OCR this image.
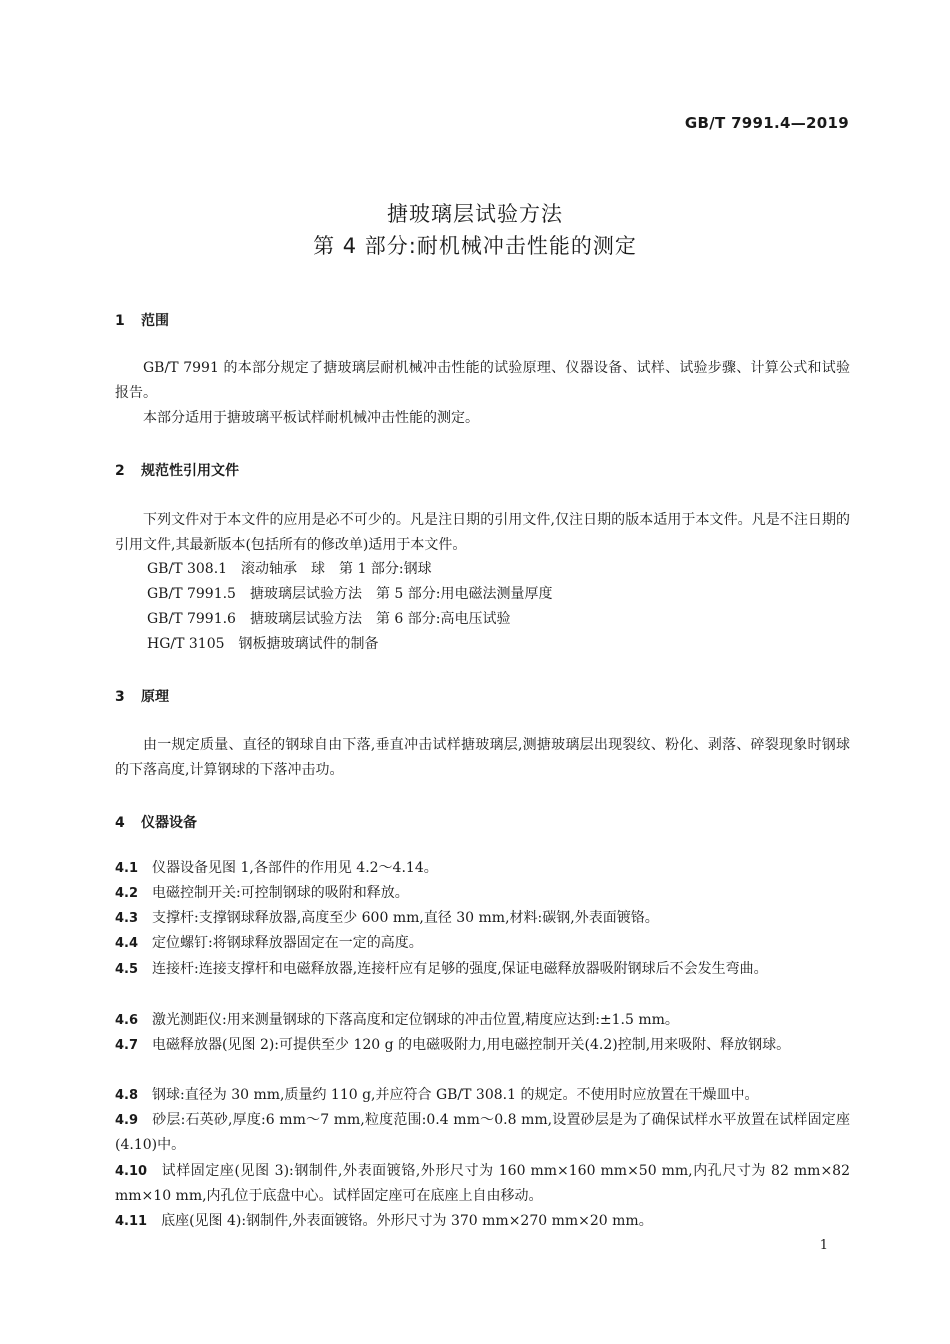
GB/T 7991.4—2019
搪玻璃层试验方法
第 4 部分:耐机械冲击性能的测定
1 范围
GB/T 7991 的本部分规定了搪玻璃层耐机械冲击性能的试验原理、仪器设备、试样、试验步骤、计算公式和试验报告。
本部分适用于搪玻璃平板试样耐机械冲击性能的测定。
2 规范性引用文件
下列文件对于本文件的应用是必不可少的。凡是注日期的引用文件,仅注日期的版本适用于本文件。凡是不注日期的引用文件,其最新版本(包括所有的修改单)适用于本文件。
GB/T 308.1　滚动轴承　球　第 1 部分:钢球
GB/T 7991.5　搪玻璃层试验方法　第 5 部分:用电磁法测量厚度
GB/T 7991.6　搪玻璃层试验方法　第 6 部分:高电压试验
HG/T 3105　钢板搪玻璃试件的制备
3 原理
由一规定质量、直径的钢球自由下落,垂直冲击试样搪玻璃层,测搪玻璃层出现裂纹、粉化、剥落、碎裂现象时钢球的下落高度,计算钢球的下落冲击功。
4 仪器设备
4.1 仪器设备见图 1,各部件的作用见 4.2～4.14。
4.2 电磁控制开关:可控制钢球的吸附和释放。
4.3 支撑杆:支撑钢球释放器,高度至少 600 mm,直径 30 mm,材料:碳钢,外表面镀铬。
4.4 定位螺钉:将钢球释放器固定在一定的高度。
4.5 连接杆:连接支撑杆和电磁释放器,连接杆应有足够的强度,保证电磁释放器吸附钢球后不会发生弯曲。
4.6 激光测距仪:用来测量钢球的下落高度和定位钢球的冲击位置,精度应达到:±1.5 mm。
4.7 电磁释放器(见图 2):可提供至少 120 g 的电磁吸附力,用电磁控制开关(4.2)控制,用来吸附、释放钢球。
4.8 钢球:直径为 30 mm,质量约 110 g,并应符合 GB/T 308.1 的规定。不使用时应放置在干燥皿中。
4.9 砂层:石英砂,厚度:6 mm～7 mm,粒度范围:0.4 mm～0.8 mm,设置砂层是为了确保试样水平放置在试样固定座(4.10)中。
4.10 试样固定座(见图 3):钢制件,外表面镀铬,外形尺寸为 160 mm×160 mm×50 mm,内孔尺寸为 82 mm×82 mm×10 mm,内孔位于底盘中心。试样固定座可在底座上自由移动。
4.11 底座(见图 4):钢制件,外表面镀铬。外形尺寸为 370 mm×270 mm×20 mm。
1
